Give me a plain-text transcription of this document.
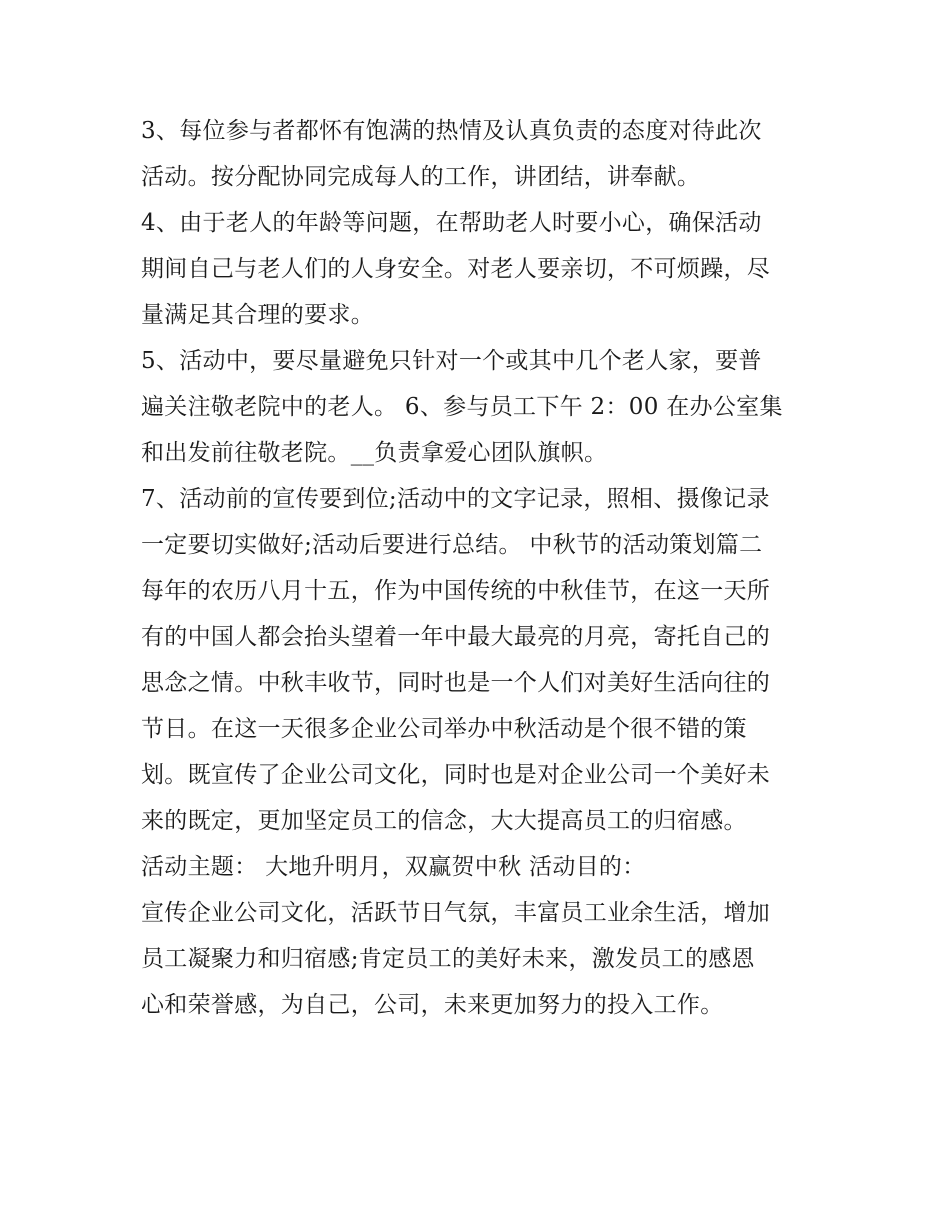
3、每位参与者都怀有饱满的热情及认真负责的态度对待此次
活动。按分配协同完成每人的工作，讲团结，讲奉献。
4、由于老人的年龄等问题，在帮助老人时要小心，确保活动
期间自己与老人们的人身安全。对老人要亲切，不可烦躁，尽
量满足其合理的要求。
5、活动中，要尽量避免只针对一个或其中几个老人家，要普
遍关注敬老院中的老人。 6、参与员工下午 2：00 在办公室集
和出发前往敬老院。__负责拿爱心团队旗帜。
7、活动前的宣传要到位;活动中的文字记录，照相、摄像记录
一定要切实做好;活动后要进行总结。 中秋节的活动策划篇二
每年的农历八月十五，作为中国传统的中秋佳节，在这一天所
有的中国人都会抬头望着一年中最大最亮的月亮，寄托自己的
思念之情。中秋丰收节，同时也是一个人们对美好生活向往的
节日。在这一天很多企业公司举办中秋活动是个很不错的策
划。既宣传了企业公司文化，同时也是对企业公司一个美好未
来的既定，更加坚定员工的信念，大大提高员工的归宿感。
活动主题： 大地升明月，双赢贺中秋 活动目的：
宣传企业公司文化，活跃节日气氛，丰富员工业余生活，增加
员工凝聚力和归宿感;肯定员工的美好未来，激发员工的感恩
心和荣誉感，为自己，公司，未来更加努力的投入工作。
